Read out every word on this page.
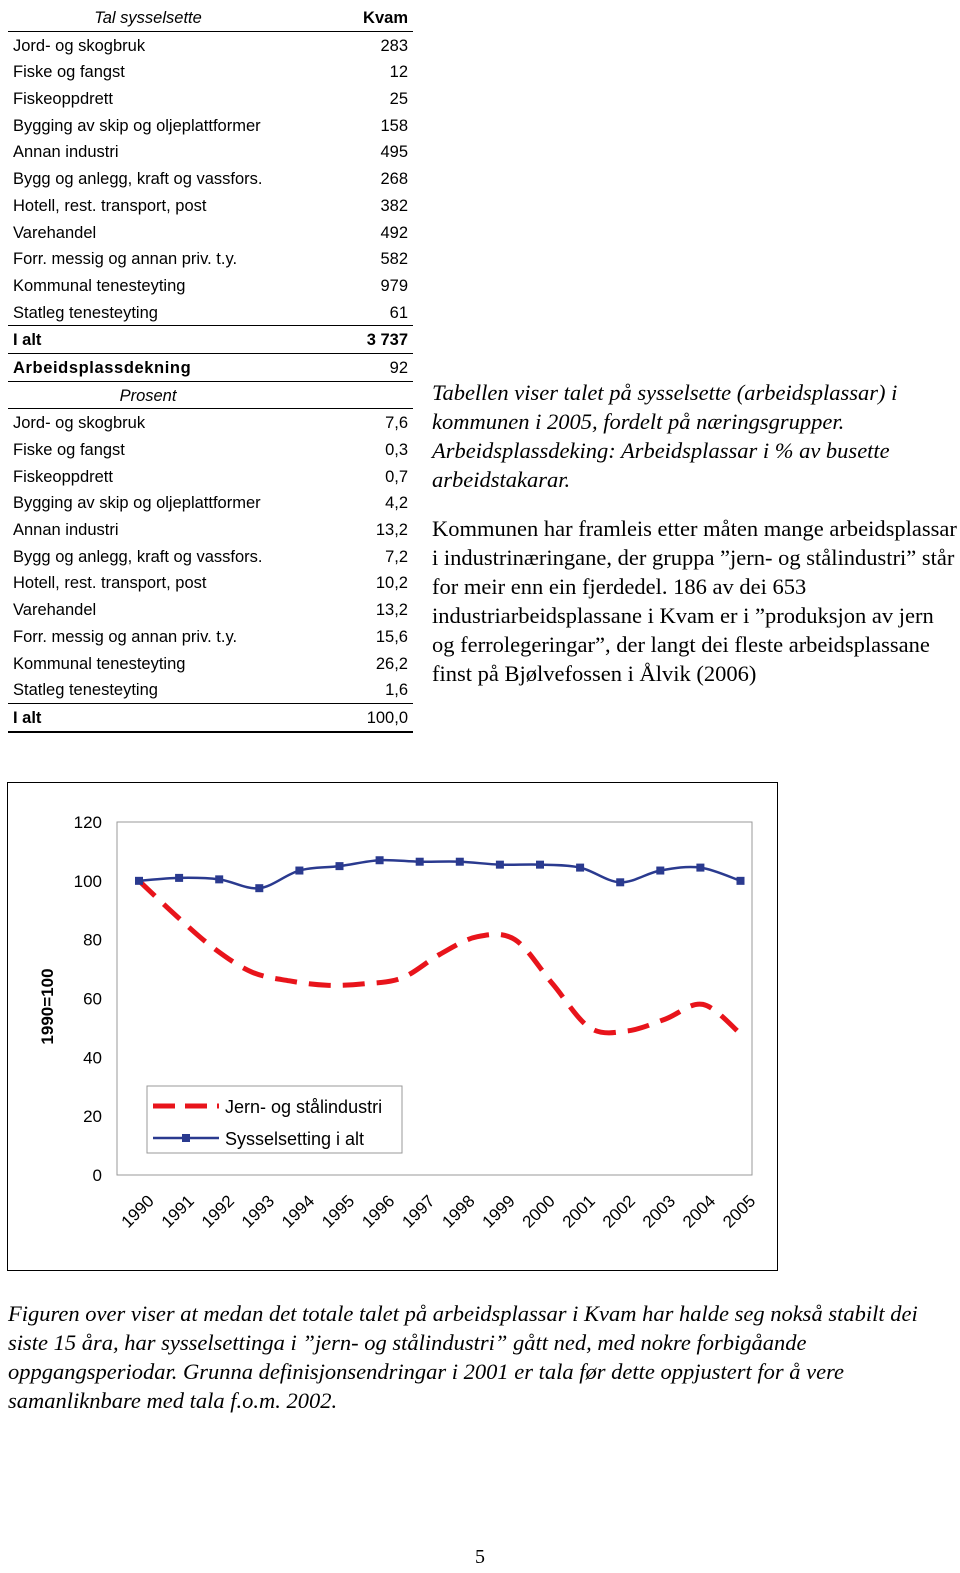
Tal sysselsette	Kvam
Jord- og skogbruk	283
Fiske og fangst	12
Fiskeoppdrett	25
Bygging av skip og oljeplattformer	158
Annan industri	495
Bygg og anlegg, kraft og vassfors.	268
Hotell, rest. transport, post	382
Varehandel	492
Forr. messig og annan priv. t.y.	582
Kommunal tenesteyting	979
Statleg tenesteyting	61
I alt	3 737
Arbeidsplassdekning	92
Prosent
Jord- og skogbruk	7,6
Fiske og fangst	0,3
Fiskeoppdrett	0,7
Bygging av skip og oljeplattformer	4,2
Annan industri	13,2
Bygg og anlegg, kraft og vassfors.	7,2
Hotell, rest. transport, post	10,2
Varehandel	13,2
Forr. messig og annan priv. t.y.	15,6
Kommunal tenesteyting	26,2
Statleg tenesteyting	1,6
I alt	100,0

Tabellen viser talet på sysselsette (arbeidsplassar) i kommunen i 2005, fordelt på næringsgrupper. Arbeidsplassdeking: Arbeidsplassar i % av busette arbeidstakarar.

Kommunen har framleis etter måten mange arbeidsplassar i industrinæringane, der gruppa ”jern- og stålindustri” står for meir enn ein fjerdedel. 186 av dei 653 industriarbeidsplassane i Kvam er i ”produksjon av jern og ferrolegeringar”, der langt dei fleste arbeidsplassane finst på Bjølvefossen i Ålvik (2006)

0
20
40
60
80
100
120
1990=100
1990 1991 1992 1993 1994 1995 1996 1997 1998 1999 2000 2001 2002 2003 2004 2005
Jern- og stålindustri
Sysselsetting i alt

Figuren over viser at medan det totale talet på arbeidsplassar i Kvam har halde seg nokså stabilt dei siste 15 åra, har sysselsettinga i ”jern- og stålindustri” gått ned, med nokre forbigåande oppgangsperiodar. Grunna definisjonsendringar i 2001 er tala før dette oppjustert for å vere samanliknbare med tala f.o.m. 2002.

5
